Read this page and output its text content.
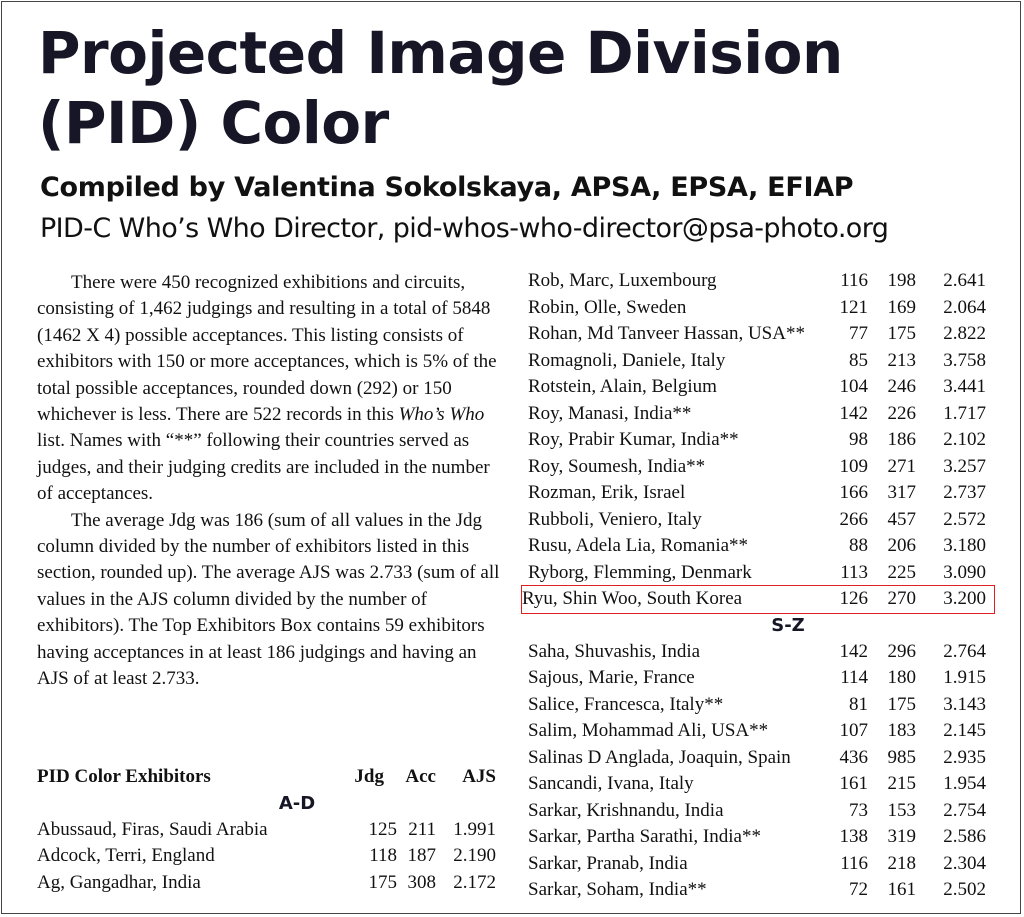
Projected Image Division
(PID) Color
Compiled by Valentina Sokolskaya, APSA, EPSA, EFIAP
PID-C Who’s Who Director, pid-whos-who-director@psa-photo.org

There were 450 recognized exhibitions and circuits, consisting of 1,462 judgings and resulting in a total of 5848 (1462 X 4) possible acceptances. This listing consists of exhibitors with 150 or more acceptances, which is 5% of the total possible acceptances, rounded down (292) or 150 whichever is less. There are 522 records in this Who’s Who list. Names with “**” following their countries served as judges, and their judging credits are included in the number of acceptances.

The average Jdg was 186 (sum of all values in the Jdg column divided by the number of exhibitors listed in this section, rounded up). The average AJS was 2.733 (sum of all values in the AJS column divided by the number of exhibitors). The Top Exhibitors Box contains 59 exhibitors having acceptances in at least 186 judgings and having an AJS of at least 2.733.

PID Color Exhibitors	Jdg Acc AJS
A-D
Abussaud, Firas, Saudi Arabia	125 211 1.991
Adcock, Terri, England	118 187 2.190
Ag, Gangadhar, India	175 308 2.172
Rob, Marc, Luxembourg	116 198 2.641
Robin, Olle, Sweden	121 169 2.064
Rohan, Md Tanveer Hassan, USA** 77 175 2.822
Romagnoli, Daniele, Italy	85 213 3.758
Rotstein, Alain, Belgium	104 246 3.441
Roy, Manasi, India**	142 226 1.717
Roy, Prabir Kumar, India**	98 186 2.102
Roy, Soumesh, India**	109 271 3.257
Rozman, Erik, Israel	166 317 2.737
Rubboli, Veniero, Italy	266 457 2.572
Rusu, Adela Lia, Romania**	88 206 3.180
Ryborg, Flemming, Denmark	113 225 3.090
Ryu, Shin Woo, South Korea	126 270 3.200
S-Z
Saha, Shuvashis, India	142 296 2.764
Sajous, Marie, France	114 180 1.915
Salice, Francesca, Italy**	81 175 3.143
Salim, Mohammad Ali, USA**	107 183 2.145
Salinas D Anglada, Joaquin, Spain	436 985 2.935
Sancandi, Ivana, Italy	161 215 1.954
Sarkar, Krishnandu, India	73 153 2.754
Sarkar, Partha Sarathi, India**	138 319 2.586
Sarkar, Pranab, India	116 218 2.304
Sarkar, Soham, India**	72 161 2.502
